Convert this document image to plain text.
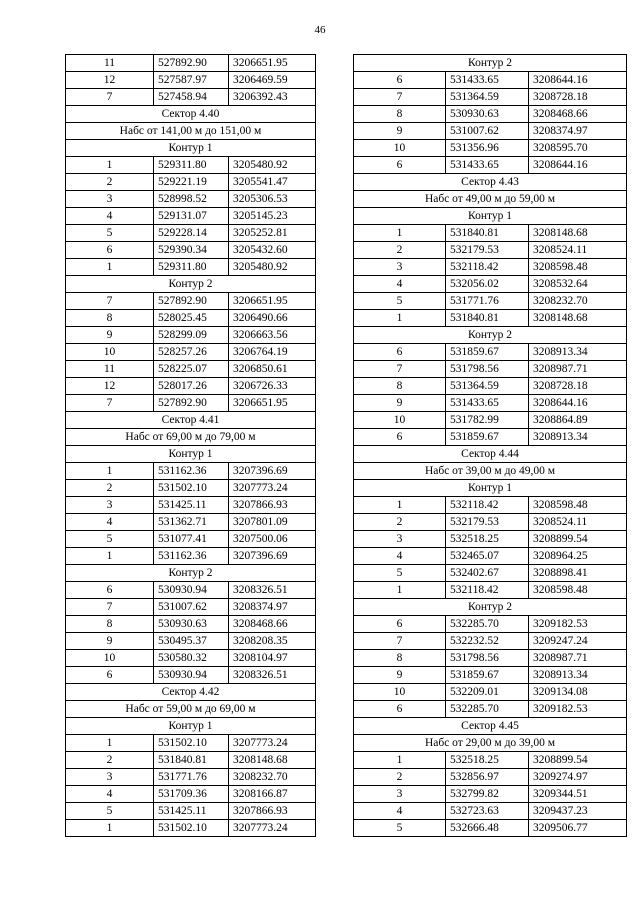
46
11	527892.90	3206651.95
12	527587.97	3206469.59
7	527458.94	3206392.43
Сектор 4.40		
Набс от 141,00 м до 151,00 м		
Контур 1		
1	529311.80	3205480.92
2	529221.19	3205541.47
3	528998.52	3205306.53
4	529131.07	3205145.23
5	529228.14	3205252.81
6	529390.34	3205432.60
1	529311.80	3205480.92
Контур 2		
7	527892.90	3206651.95
8	528025.45	3206490.66
9	528299.09	3206663.56
10	528257.26	3206764.19
11	528225.07	3206850.61
12	528017.26	3206726.33
7	527892.90	3206651.95
Сектор 4.41		
Набс от 69,00 м до 79,00 м		
Контур 1		
1	531162.36	3207396.69
2	531502.10	3207773.24
3	531425.11	3207866.93
4	531362.71	3207801.09
5	531077.41	3207500.06
1	531162.36	3207396.69
Контур 2		
6	530930.94	3208326.51
7	531007.62	3208374.97
8	530930.63	3208468.66
9	530495.37	3208208.35
10	530580.32	3208104.97
6	530930.94	3208326.51
Сектор 4.42		
Набс от 59,00 м до 69,00 м		
Контур 1		
1	531502.10	3207773.24
2	531840.81	3208148.68
3	531771.76	3208232.70
4	531709.36	3208166.87
5	531425.11	3207866.93
1	531502.10	3207773.24
Контур 2		
6	531433.65	3208644.16
7	531364.59	3208728.18
8	530930.63	3208468.66
9	531007.62	3208374.97
10	531356.96	3208595.70
6	531433.65	3208644.16
Сектор 4.43		
Набс от 49,00 м до 59,00 м		
Контур 1		
1	531840.81	3208148.68
2	532179.53	3208524.11
3	532118.42	3208598.48
4	532056.02	3208532.64
5	531771.76	3208232.70
1	531840.81	3208148.68
Контур 2		
6	531859.67	3208913.34
7	531798.56	3208987.71
8	531364.59	3208728.18
9	531433.65	3208644.16
10	531782.99	3208864.89
6	531859.67	3208913.34
Сектор 4.44		
Набс от 39,00 м до 49,00 м		
Контур 1		
1	532118.42	3208598.48
2	532179.53	3208524.11
3	532518.25	3208899.54
4	532465.07	3208964.25
5	532402.67	3208898.41
1	532118.42	3208598.48
Контур 2		
6	532285.70	3209182.53
7	532232.52	3209247.24
8	531798.56	3208987.71
9	531859.67	3208913.34
10	532209.01	3209134.08
6	532285.70	3209182.53
Сектор 4.45		
Набс от 29,00 м до 39,00 м		
1	532518.25	3208899.54
2	532856.97	3209274.97
3	532799.82	3209344.51
4	532723.63	3209437.23
5	532666.48	3209506.77
